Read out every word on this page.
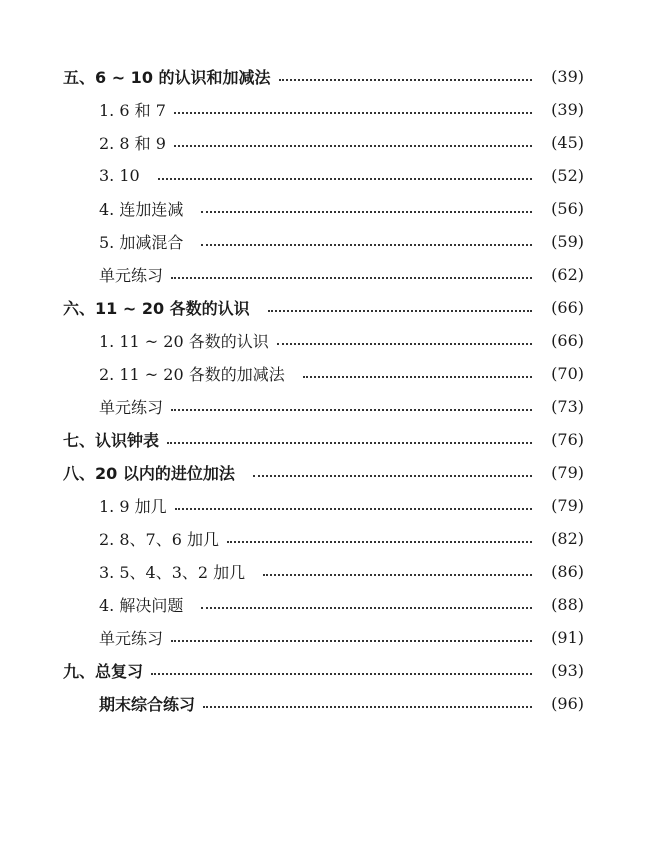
五、6 ~ 10 的认识和加减法	(39)
1. 6 和 7	(39)
2. 8 和 9	(45)
3. 10	(52)
4. 连加连减	(56)
5. 加减混合	(59)
单元练习	(62)
六、11 ~ 20 各数的认识	(66)
1. 11 ~ 20 各数的认识	(66)
2. 11 ~ 20 各数的加减法	(70)
单元练习	(73)
七、认识钟表	(76)
八、20 以内的进位加法	(79)
1. 9 加几	(79)
2. 8、7、6 加几	(82)
3. 5、4、3、2 加几	(86)
4. 解决问题	(88)
单元练习	(91)
九、总复习	(93)
期末综合练习	(96)
